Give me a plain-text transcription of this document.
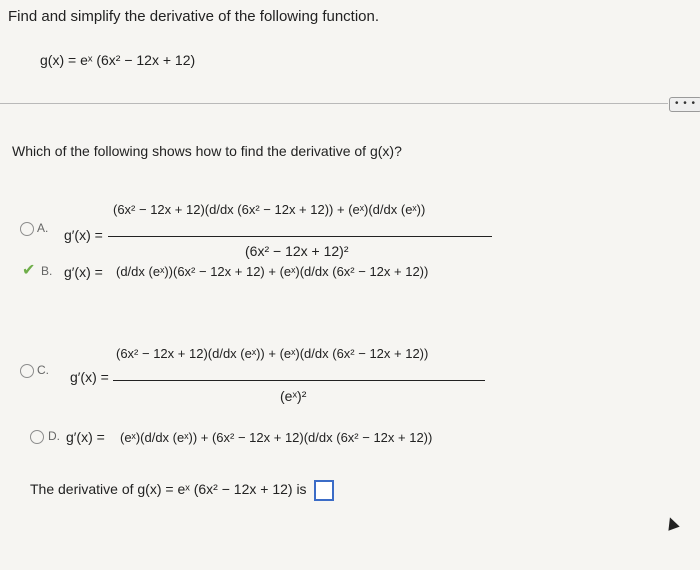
Find and simplify the derivative of the following function.
g(x) = eˣ (6x² − 12x + 12)
• • •
Which of the following shows how to find the derivative of g(x)?
A. g′(x) =
(6x² − 12x + 12)(d/dx (6x² − 12x + 12)) + (eˣ)(d/dx (eˣ))
(6x² − 12x + 12)²
✔ B. g′(x) = (d/dx (eˣ))(6x² − 12x + 12) + (eˣ)(d/dx (6x² − 12x + 12))
C. g′(x) =
(6x² − 12x + 12)(d/dx (eˣ)) + (eˣ)(d/dx (6x² − 12x + 12))
(eˣ)²
D. g′(x) = (eˣ)(d/dx (eˣ)) + (6x² − 12x + 12)(d/dx (6x² − 12x + 12))
The derivative of g(x) = eˣ (6x² − 12x + 12) is
